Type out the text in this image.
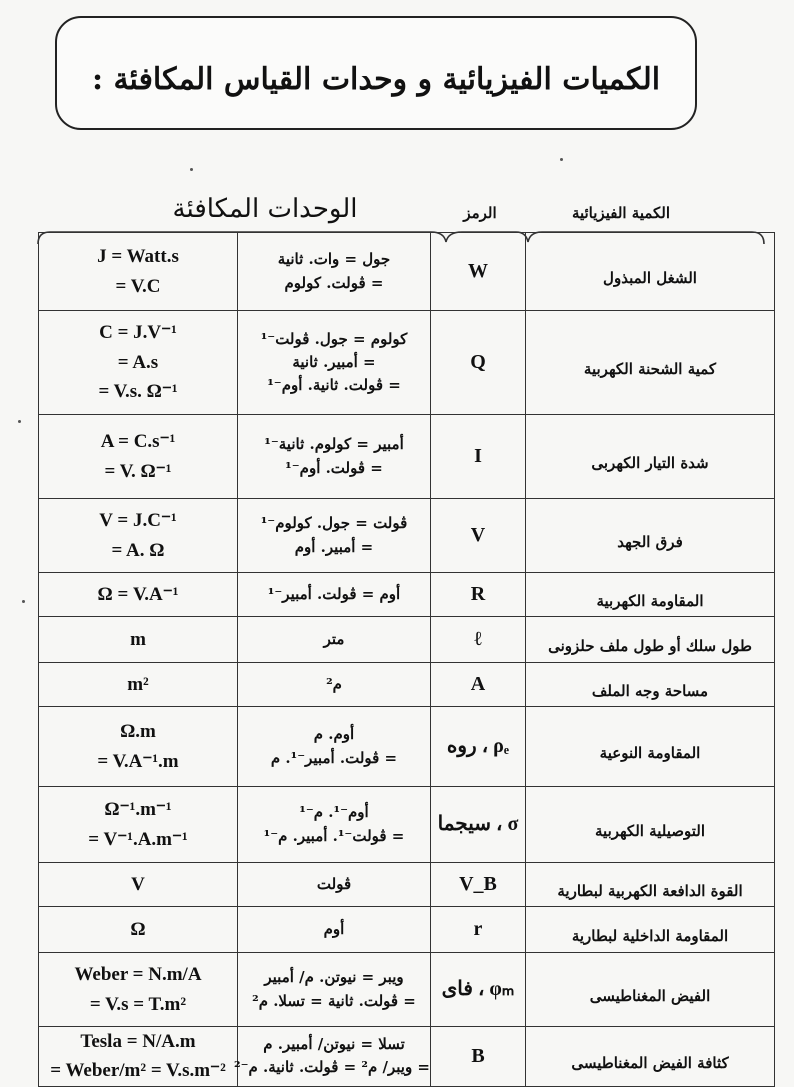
الكميات الفيزيائية و وحدات القياس المكافئة :
الوحدات المكافئة	الرمز	الكمية الفيزيائية
J = Watt.s
= V.C	جول = وات. ثانية
= ڤولت. كولوم	W	الشغل المبذول

C = J.V⁻¹
= A.s
= V.s. Ω⁻¹	كولوم = جول. ڤولت⁻¹
= أمبير. ثانية
= ڤولت. ثانية. أوم⁻¹	Q	كمية الشحنة الكهربية

A = C.s⁻¹
= V. Ω⁻¹	أمبير = كولوم. ثانية⁻¹
= ڤولت. أوم⁻¹	I	شدة التيار الكهربى

V = J.C⁻¹
= A. Ω	ڤولت = جول. كولوم⁻¹
= أمبير. أوم	V	فرق الجهد

Ω = V.A⁻¹	أوم = ڤولت. أمبير⁻¹	R	المقاومة الكهربية

m	متر	ℓ	طول سلك أو طول ملف حلزونى

m²	م²	A	مساحة وجه الملف

Ω.m
= V.A⁻¹.m	أوم. م
= ڤولت. أمبير⁻¹. م	روه ، ρₑ	المقاومة النوعية

Ω⁻¹.m⁻¹
= V⁻¹.A.m⁻¹	أوم⁻¹. م⁻¹
= ڤولت⁻¹. أمبير. م⁻¹	سيجما ، σ	التوصيلية الكهربية

V	ڤولت	V_B	القوة الدافعة الكهربية لبطارية

Ω	أوم	r	المقاومة الداخلية لبطارية

Weber = N.m/A
= V.s = T.m²	ويبر = نيوتن. م/ أمبير
= ڤولت. ثانية = تسلا. م²	فاى ، φₘ	الفيض المغناطيسى

Tesla = N/A.m
= Weber/m² = V.s.m⁻²	تسلا = نيوتن/ أمبير. م
= ويبر/ م² = ڤولت. ثانية. م⁻²	B	كثافة الفيض المغناطيسى
